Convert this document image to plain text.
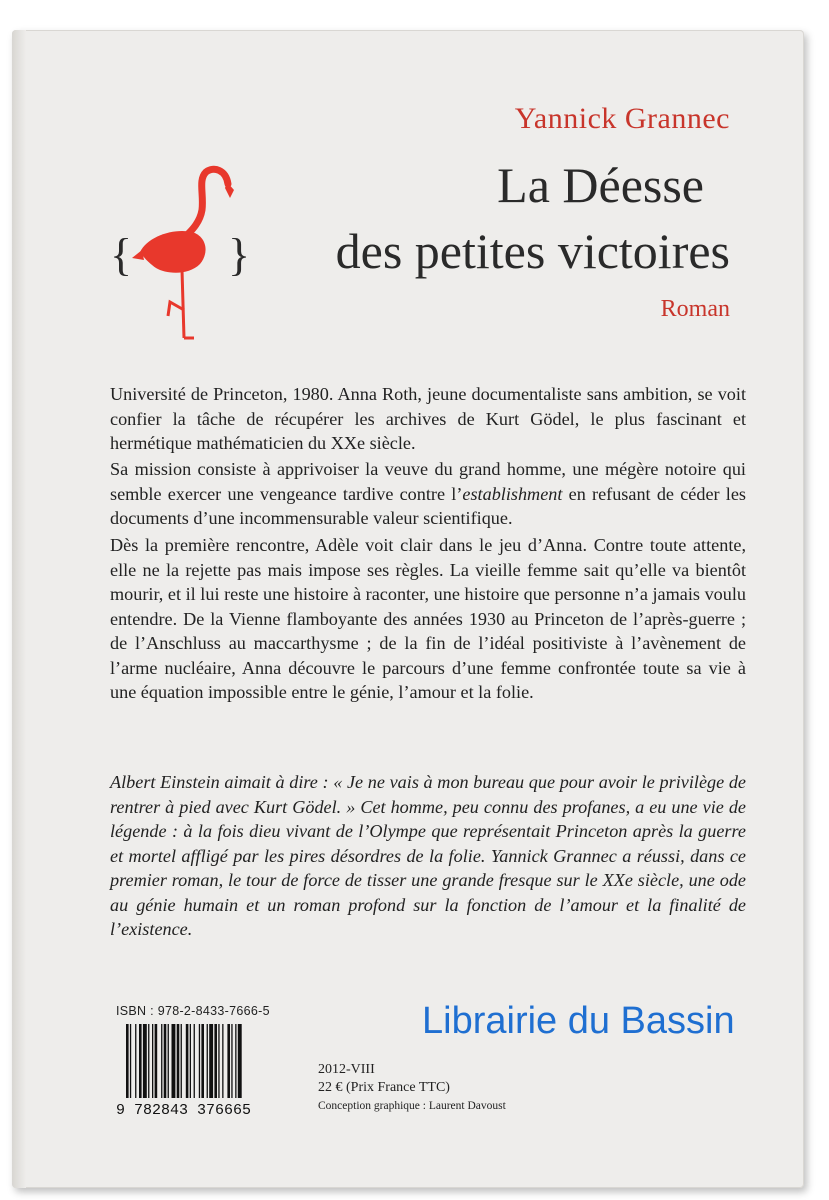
Yannick Grannec
La Déesse
des petites victoires
{ }
Roman

Université de Princeton, 1980. Anna Roth, jeune documentaliste sans ambition, se voit confier la tâche de récupérer les archives de Kurt Gödel, le plus fascinant et hermétique mathématicien du XXe siècle.

Sa mission consiste à apprivoiser la veuve du grand homme, une mégère notoire qui semble exercer une vengeance tardive contre l’establishment en refusant de céder les documents d’une incommensurable valeur scientifique.

Dès la première rencontre, Adèle voit clair dans le jeu d’Anna. Contre toute attente, elle ne la rejette pas mais impose ses règles. La vieille femme sait qu’elle va bientôt mourir, et il lui reste une histoire à raconter, une histoire que personne n’a jamais voulu entendre. De la Vienne flamboyante des années 1930 au Princeton de l’après-guerre ; de l’Anschluss au maccarthysme ; de la fin de l’idéal positiviste à l’avènement de l’arme nucléaire, Anna découvre le parcours d’une femme confrontée toute sa vie à une équation impossible entre le génie, l’amour et la folie.

Albert Einstein aimait à dire : « Je ne vais à mon bureau que pour avoir le privilège de rentrer à pied avec Kurt Gödel. » Cet homme, peu connu des profanes, a eu une vie de légende : à la fois dieu vivant de l’Olympe que représentait Princeton après la guerre et mortel affligé par les pires désordres de la folie. Yannick Grannec a réussi, dans ce premier roman, le tour de force de tisser une grande fresque sur le XXe siècle, une ode au génie humain et un roman profond sur la fonction de l’amour et la finalité de l’existence.

ISBN : 978-2-8433-7666-5
9 782843 376665
Librairie du Bassin
2012-VIII
22 € (Prix France TTC)
Conception graphique : Laurent Davoust
